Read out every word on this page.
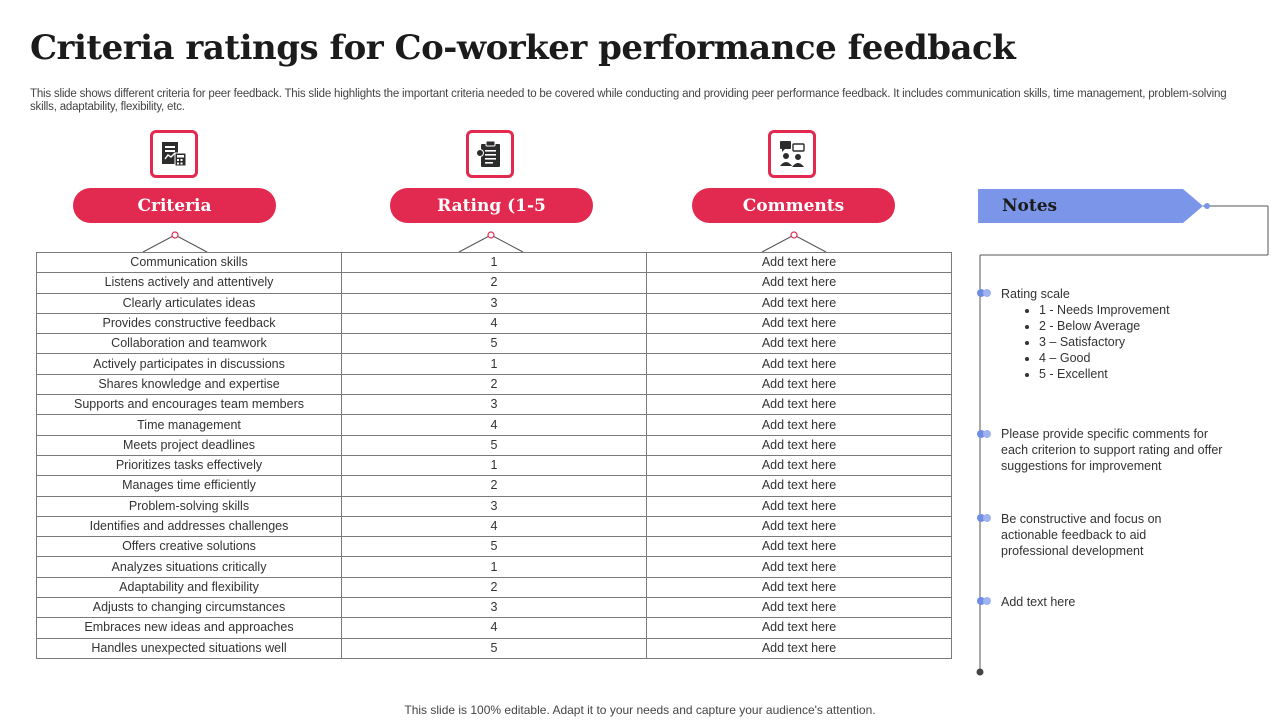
Criteria ratings for Co-worker performance feedback

This slide shows different criteria for peer feedback. This slide highlights the important criteria needed to be covered while conducting and providing peer performance feedback. It includes communication skills, time management, problem-solving skills, adaptability, flexibility, etc.

Criteria	Rating (1-5	Comments
Communication skills	1	Add text here
Listens actively and attentively	2	Add text here
Clearly articulates ideas	3	Add text here
Provides constructive feedback	4	Add text here
Collaboration and teamwork	5	Add text here
Actively participates in discussions	1	Add text here
Shares knowledge and expertise	2	Add text here
Supports and encourages team members	3	Add text here
Time management	4	Add text here
Meets project deadlines	5	Add text here
Prioritizes tasks effectively	1	Add text here
Manages time efficiently	2	Add text here
Problem-solving skills	3	Add text here
Identifies and addresses challenges	4	Add text here
Offers creative solutions	5	Add text here
Analyzes situations critically	1	Add text here
Adaptability and flexibility	2	Add text here
Adjusts to changing circumstances	3	Add text here
Embraces new ideas and approaches	4	Add text here
Handles unexpected situations well	5	Add text here
Notes
Rating scale
• 1 - Needs Improvement
• 2 - Below Average
• 3 – Satisfactory
• 4 – Good
• 5 - Excellent
Please provide specific comments for each criterion to support rating and offer suggestions for improvement
Be constructive and focus on actionable feedback to aid professional development
Add text here
This slide is 100% editable. Adapt it to your needs and capture your audience's attention.
